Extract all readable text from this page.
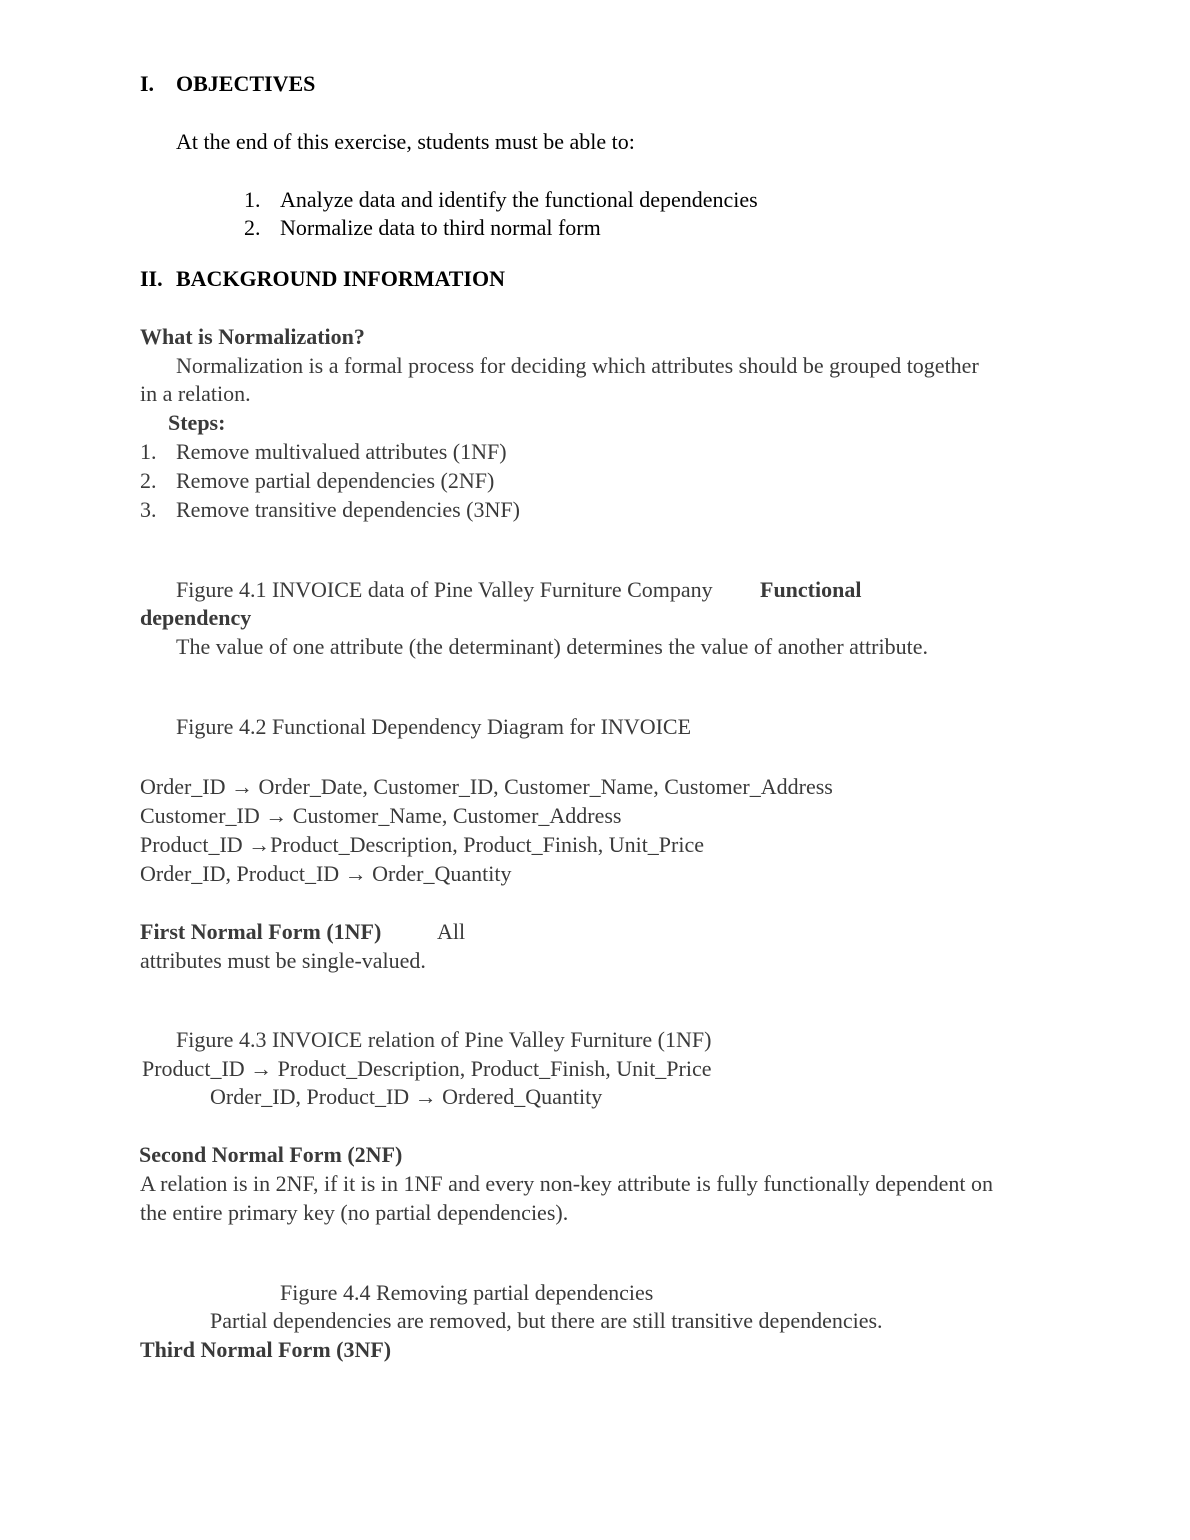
I. OBJECTIVES
At the end of this exercise, students must be able to:
1. Analyze data and identify the functional dependencies
2. Normalize data to third normal form
II. BACKGROUND INFORMATION
What is Normalization?
Normalization is a formal process for deciding which attributes should be grouped together
in a relation.
Steps:
1. Remove multivalued attributes (1NF)
2. Remove partial dependencies (2NF)
3. Remove transitive dependencies (3NF)
Figure 4.1 INVOICE data of Pine Valley Furniture Company Functional
dependency
The value of one attribute (the determinant) determines the value of another attribute.
Figure 4.2 Functional Dependency Diagram for INVOICE
Order_ID → Order_Date, Customer_ID, Customer_Name, Customer_Address
Customer_ID → Customer_Name, Customer_Address
Product_ID →Product_Description, Product_Finish, Unit_Price
Order_ID, Product_ID → Order_Quantity
First Normal Form (1NF)	All
attributes must be single-valued.
Figure 4.3 INVOICE relation of Pine Valley Furniture (1NF)
Product_ID → Product_Description, Product_Finish, Unit_Price
Order_ID, Product_ID → Ordered_Quantity
Second Normal Form (2NF)
A relation is in 2NF, if it is in 1NF and every non-key attribute is fully functionally dependent on
the entire primary key (no partial dependencies).
Figure 4.4 Removing partial dependencies
Partial dependencies are removed, but there are still transitive dependencies.
Third Normal Form (3NF)
